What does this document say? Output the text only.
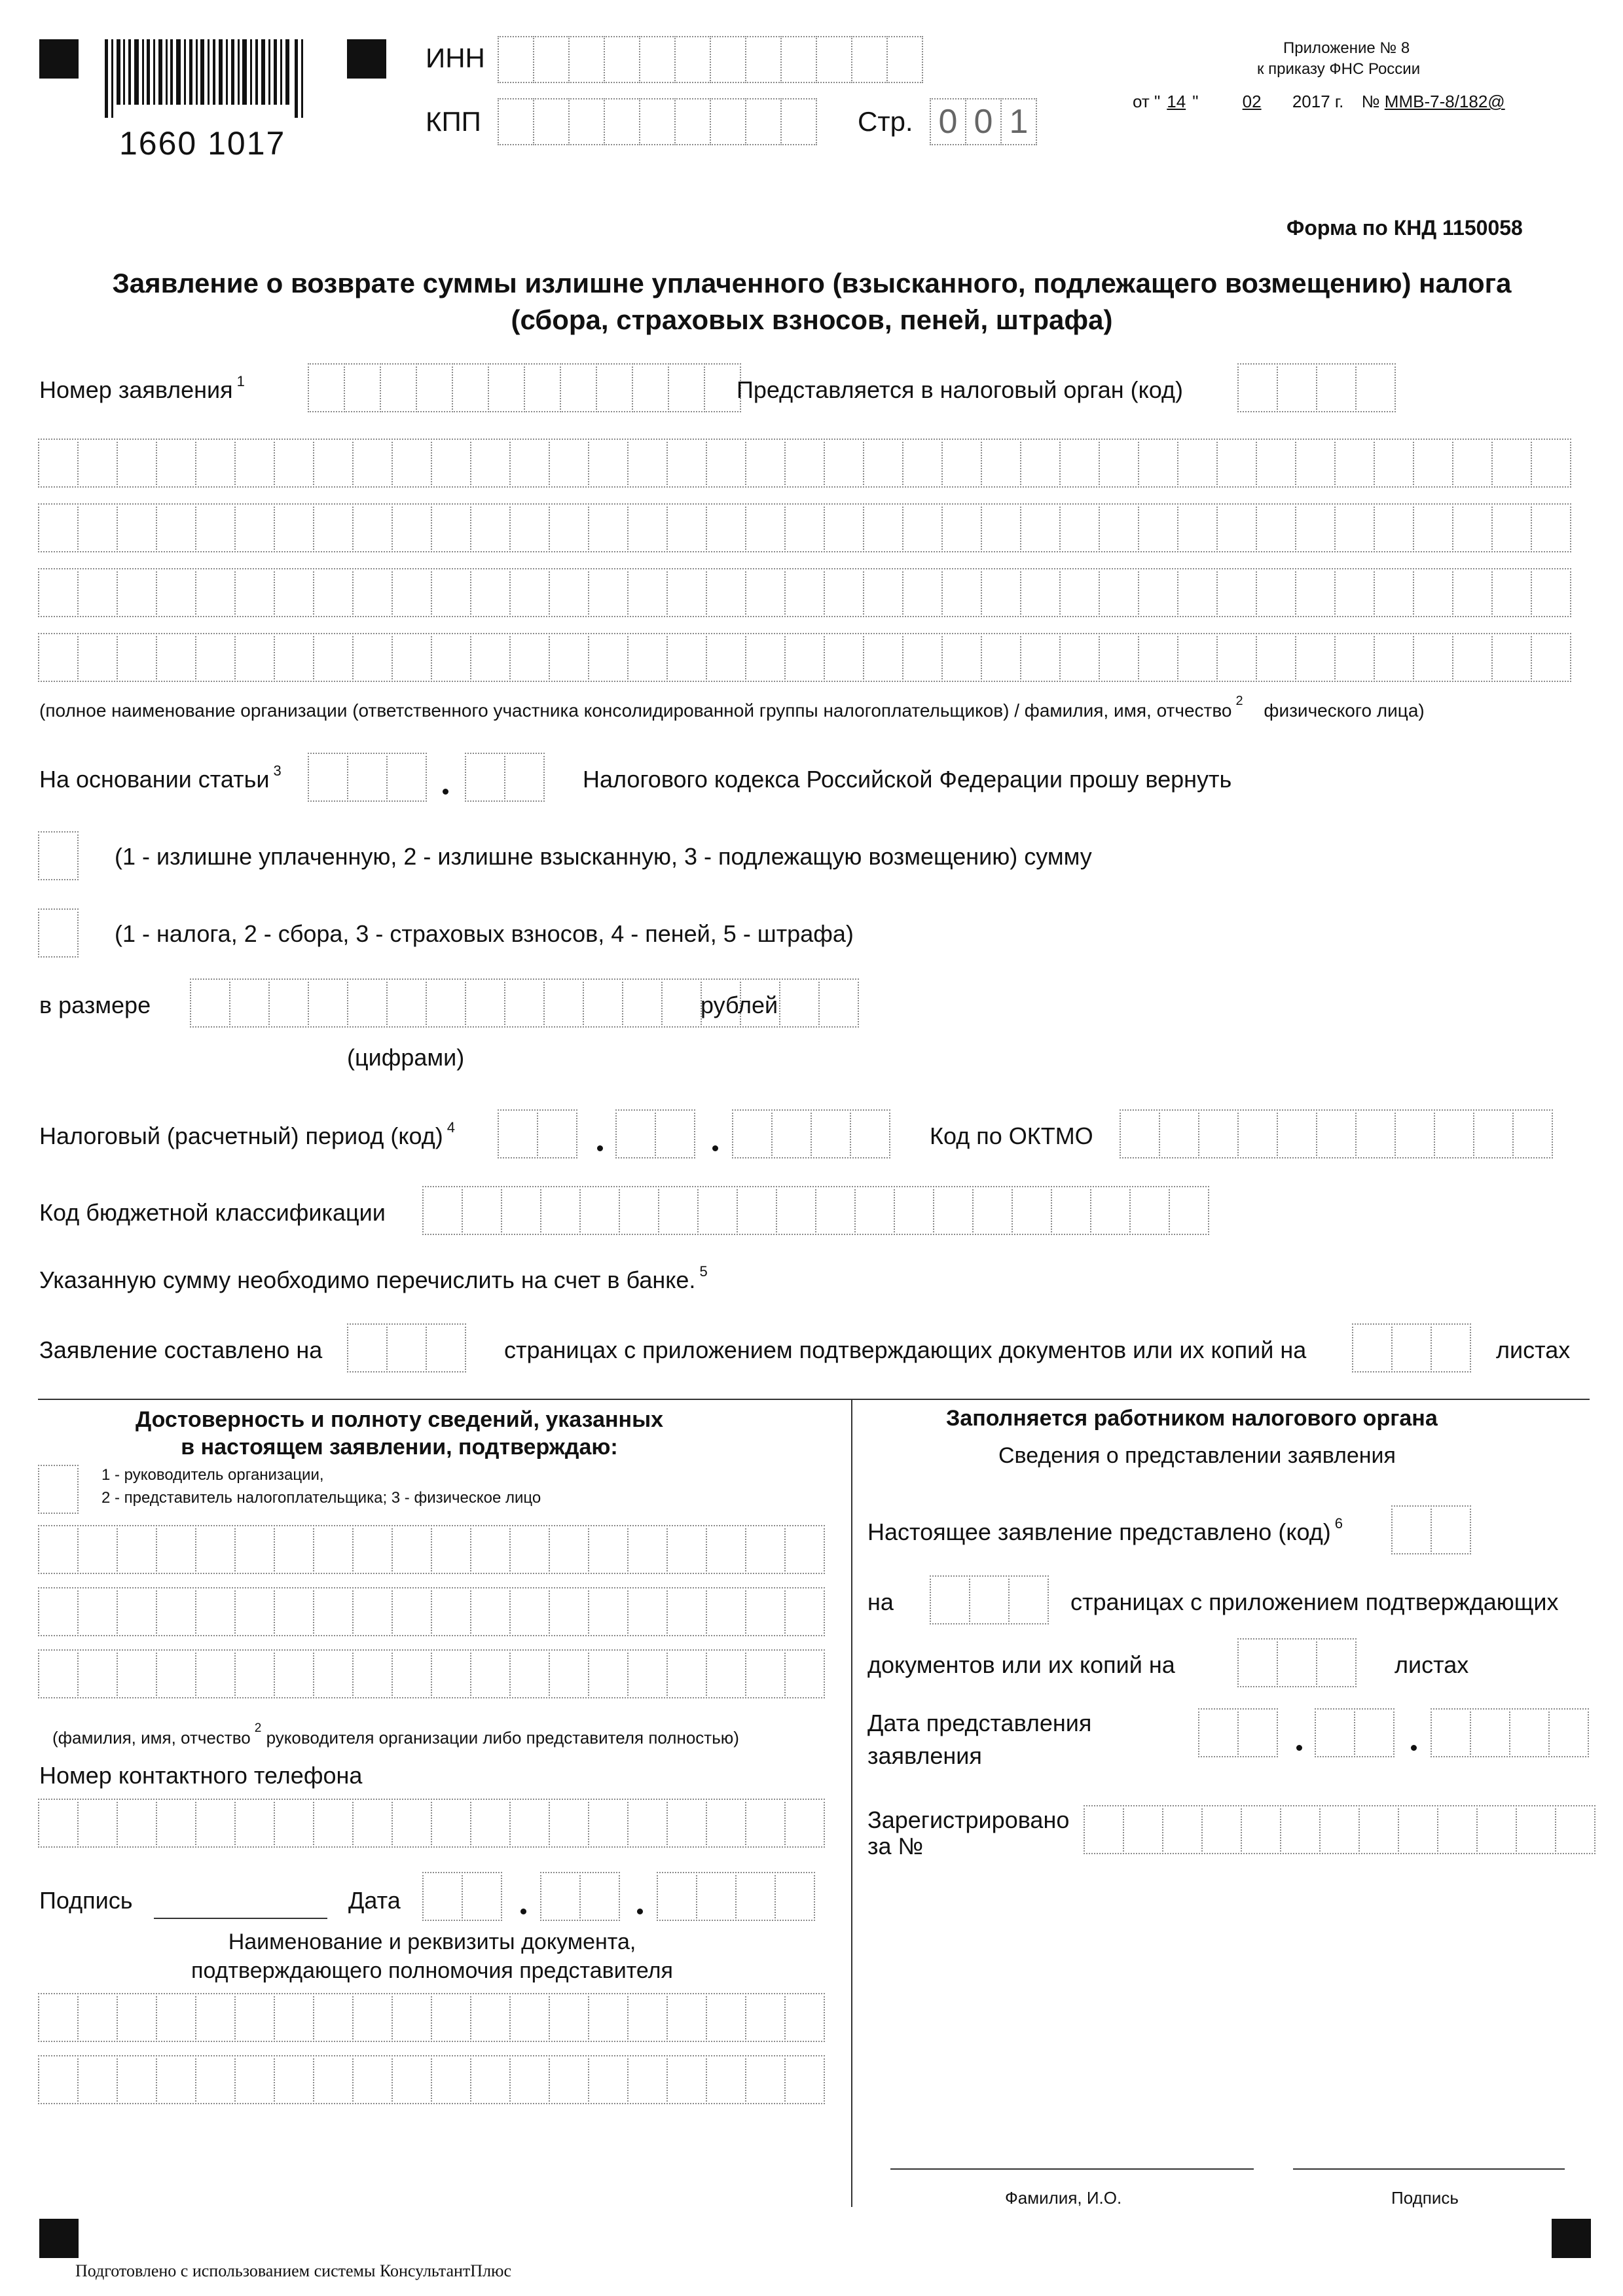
1660 1017
ИНН
КПП	Стр. 0 0 1
Приложение № 8
к приказу ФНС России
от " 14 "	02 2017 г. № ММВ-7-8/182@
Форма по КНД 1150058
Заявление о возврате суммы излишне уплаченного (взысканного, подлежащего возмещению) налога
(сбора, страховых взносов, пеней, штрафа)
Номер заявления $^1$	Представляется в налоговый орган (код)
(полное наименование организации (ответственного участника консолидированной группы налогоплательщиков) / фамилия, имя, отчество $^2$ физического лица)
На основании статьи $^3$	Налогового кодекса Российской Федерации прошу вернуть
(1 - излишне уплаченную, 2 - излишне взысканную, 3 - подлежащую возмещению) сумму
(1 - налога, 2 - сбора, 3 - страховых взносов, 4 - пеней, 5 - штрафа)
в размере	рублей
(цифрами)
Налоговый (расчетный) период (код) $^4$	Код по ОКТМО
Код бюджетной классификации
Указанную сумму необходимо перечислить на счет в банке. $^5$
Заявление составлено на	страницах с приложением подтверждающих документов или их копий на	листах
Достоверность и полноту сведений, указанных
в настоящем заявлении, подтверждаю:
1 - руководитель организации,
2 - представитель налогоплательщика; 3 - физическое лицо
(фамилия, имя, отчество $^2$ руководителя организации либо представителя полностью)
Номер контактного телефона
Подпись	Дата
Наименование и реквизиты документа,
подтверждающего полномочия представителя
Заполняется работником налогового органа
Сведения о представлении заявления
Настоящее заявление представлено (код) $^6$
на	страницах с приложением подтверждающих
документов или их копий на	листах
Дата представления
заявления
Зарегистрировано
за №
Фамилия, И.О.	Подпись
Подготовлено с использованием системы КонсультантПлюс
